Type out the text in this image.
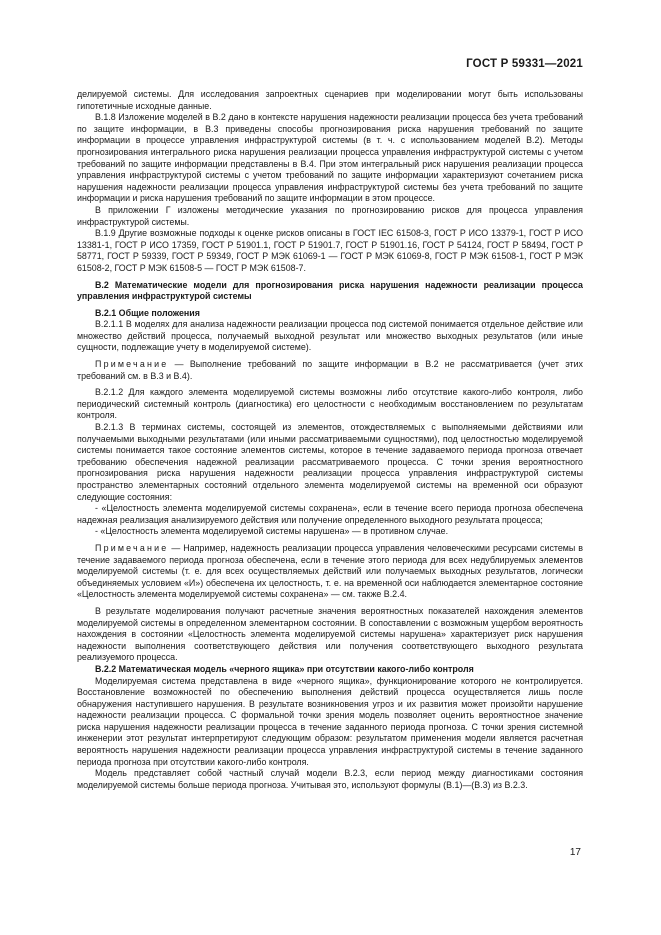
ГОСТ Р 59331—2021

делируемой системы. Для исследования запроектных сценариев при моделировании могут быть использованы гипотетичные исходные данные.

В.1.8 Изложение моделей в В.2 дано в контексте нарушения надежности реализации процесса без учета требований по защите информации, в В.3 приведены способы прогнозирования риска нарушения требований по защите информации в процессе управления инфраструктурой системы (в т. ч. с использованием моделей В.2). Методы прогнозирования интегрального риска нарушения реализации процесса управления инфраструктурой системы с учетом требований по защите информации представлены в В.4. При этом интегральный риск нарушения реализации процесса управления инфраструктурой системы с учетом требований по защите информации характеризуют сочетанием риска нарушения надежности реализации процесса управления инфраструктурой системы без учета требований по защите информации и риска нарушения требований по защите информации в этом процессе.

В приложении Г изложены методические указания по прогнозированию рисков для процесса управления инфраструктурой системы.

В.1.9 Другие возможные подходы к оценке рисков описаны в ГОСТ IEC 61508-3, ГОСТ Р ИСО 13379-1, ГОСТ Р ИСО 13381-1, ГОСТ Р ИСО 17359, ГОСТ Р 51901.1, ГОСТ Р 51901.7, ГОСТ Р 51901.16, ГОСТ Р 54124, ГОСТ Р 58494, ГОСТ Р 58771, ГОСТ Р 59339, ГОСТ Р 59349, ГОСТ Р МЭК 61069-1 — ГОСТ Р МЭК 61069-8, ГОСТ Р МЭК 61508-1, ГОСТ Р МЭК 61508-2, ГОСТ Р МЭК 61508-5 — ГОСТ Р МЭК 61508-7.

В.2 Математические модели для прогнозирования риска нарушения надежности реализации процесса управления инфраструктурой системы

В.2.1 Общие положения

В.2.1.1 В моделях для анализа надежности реализации процесса под системой понимается отдельное действие или множество действий процесса, получаемый выходной результат или множество выходных результатов (или иные сущности, подлежащие учету в моделируемой системе).

Примечание — Выполнение требований по защите информации в В.2 не рассматривается (учет этих требований см. в В.3 и В.4).

В.2.1.2 Для каждого элемента моделируемой системы возможны либо отсутствие какого-либо контроля, либо периодический системный контроль (диагностика) его целостности с необходимым восстановлением по результатам контроля.

В.2.1.3 В терминах системы, состоящей из элементов, отождествляемых с выполняемыми действиями или получаемыми выходными результатами (или иными рассматриваемыми сущностями), под целостностью моделируемой системы понимается такое состояние элементов системы, которое в течение задаваемого периода прогноза отвечает требованию обеспечения надежной реализации рассматриваемого процесса. С точки зрения вероятностного прогнозирования риска нарушения надежности реализации процесса управления инфраструктурой системы пространство элементарных состояний отдельного элемента моделируемой системы на временной оси образуют следующие состояния:

- «Целостность элемента моделируемой системы сохранена», если в течение всего периода прогноза обеспечена надежная реализация анализируемого действия или получение определенного выходного результата процесса;

- «Целостность элемента моделируемой системы нарушена» — в противном случае.

Примечание — Например, надежность реализации процесса управления человеческими ресурсами системы в течение задаваемого периода прогноза обеспечена, если в течение этого периода для всех недублируемых элементов моделируемой системы (т. е. для всех осуществляемых действий или получаемых выходных результатов, логически объединяемых условием «И») обеспечена их целостность, т. е. на временной оси наблюдается элементарное состояние «Целостность элемента моделируемой системы сохранена» — см. также В.2.4.

В результате моделирования получают расчетные значения вероятностных показателей нахождения элементов моделируемой системы в определенном элементарном состоянии. В сопоставлении с возможным ущербом вероятность нахождения в состоянии «Целостность элемента моделируемой системы нарушена» характеризует риск нарушения надежности выполнения соответствующего действия или получения соответствующего выходного результата реализуемого процесса.

В.2.2 Математическая модель «черного ящика» при отсутствии какого-либо контроля

Моделируемая система представлена в виде «черного ящика», функционирование которого не контролируется. Восстановление возможностей по обеспечению выполнения действий процесса осуществляется лишь после обнаружения наступившего нарушения. В результате возникновения угроз и их развития может произойти нарушение надежности реализации процесса. С формальной точки зрения модель позволяет оценить вероятностное значение риска нарушения надежности реализации процесса в течение заданного периода прогноза. С точки зрения системной инженерии этот результат интерпретируют следующим образом: результатом применения модели является расчетная вероятность нарушения надежности реализации процесса управления инфраструктурой системы в течение заданного периода прогноза при отсутствии какого-либо контроля.

Модель представляет собой частный случай модели В.2.3, если период между диагностиками состояния моделируемой системы больше периода прогноза. Учитывая это, используют формулы (В.1)—(В.3) из В.2.3.

17
